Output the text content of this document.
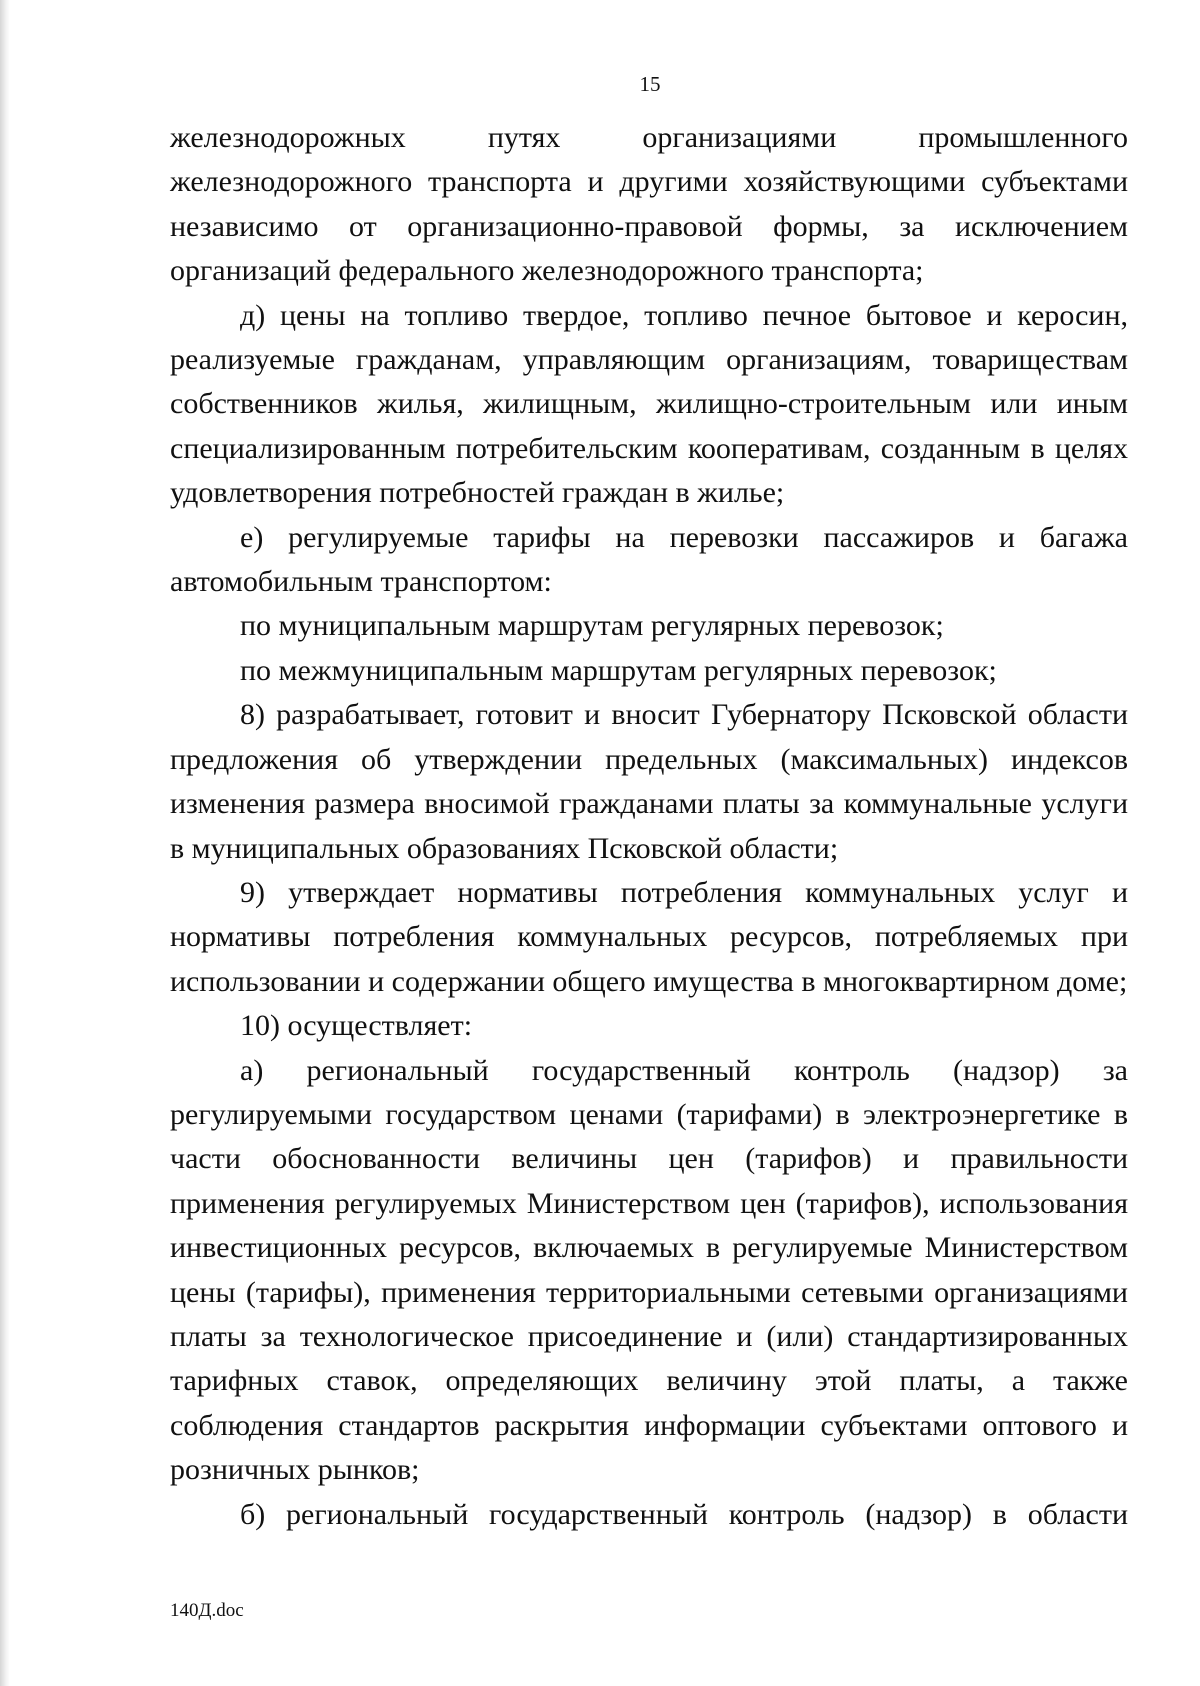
15

железнодорожных путях организациями промышленного железнодорожного транспорта и другими хозяйствующими субъектами независимо от организационно-правовой формы, за исключением организаций федерального железнодорожного транспорта;

д) цены на топливо твердое, топливо печное бытовое и керосин, реализуемые гражданам, управляющим организациям, товариществам собственников жилья, жилищным, жилищно-строительным или иным специализированным потребительским кооперативам, созданным в целях удовлетворения потребностей граждан в жилье;

е) регулируемые тарифы на перевозки пассажиров и багажа автомобильным транспортом:

по муниципальным маршрутам регулярных перевозок;

по межмуниципальным маршрутам регулярных перевозок;

8) разрабатывает, готовит и вносит Губернатору Псковской области предложения об утверждении предельных (максимальных) индексов изменения размера вносимой гражданами платы за коммунальные услуги в муниципальных образованиях Псковской области;

9) утверждает нормативы потребления коммунальных услуг и нормативы потребления коммунальных ресурсов, потребляемых при использовании и содержании общего имущества в многоквартирном доме;

10) осуществляет:

а) региональный государственный контроль (надзор) за регулируемыми государством ценами (тарифами) в электроэнергетике в части обоснованности величины цен (тарифов) и правильности применения регулируемых Министерством цен (тарифов), использования инвестиционных ресурсов, включаемых в регулируемые Министерством цены (тарифы), применения территориальными сетевыми организациями платы за технологическое присоединение и (или) стандартизированных тарифных ставок, определяющих величину этой платы, а также соблюдения стандартов раскрытия информации субъектами оптового и розничных рынков;

б) региональный государственный контроль (надзор) в области

140Д.doc
